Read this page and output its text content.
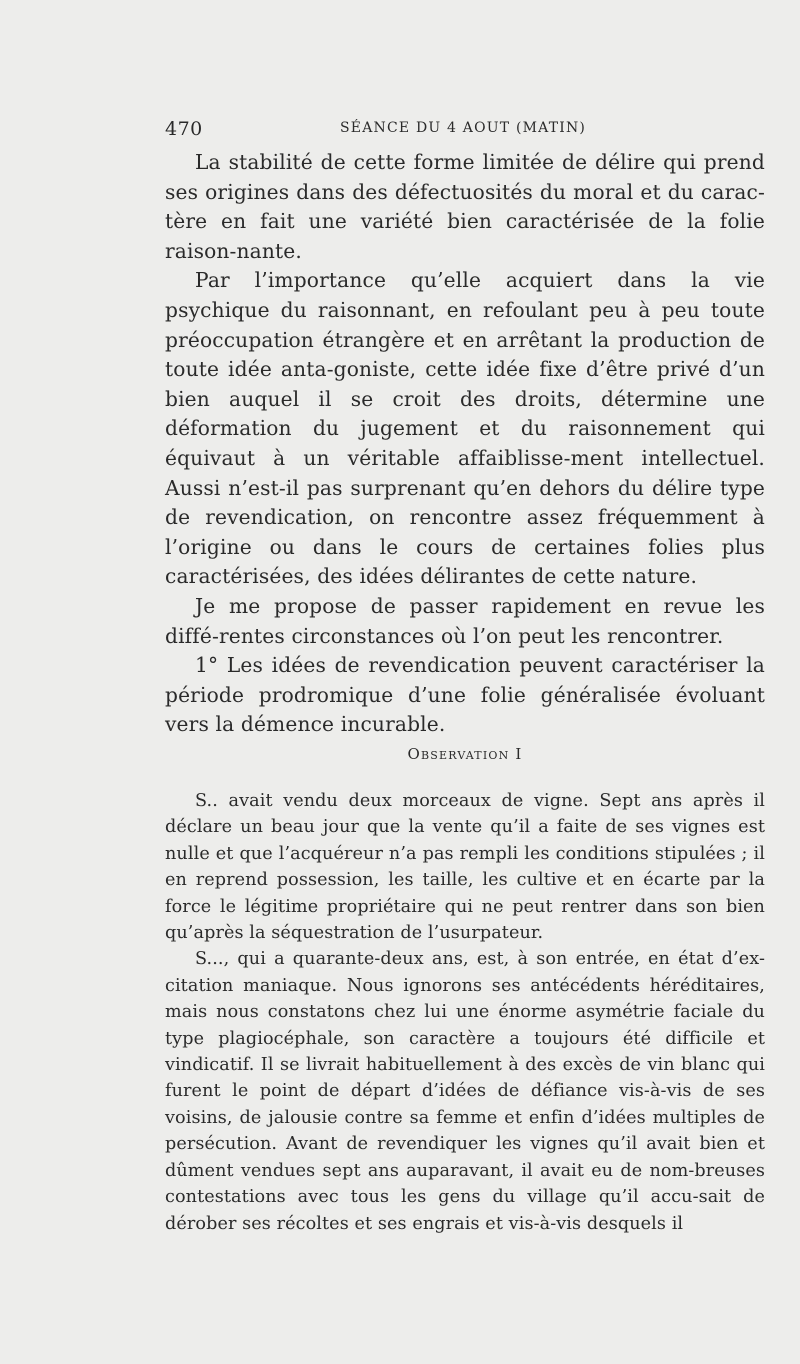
470	SÉANCE DU 4 AOUT (MATIN)

La stabilité de cette forme limitée de délire qui prend ses origines dans des défectuosités du moral et du carac-tère en fait une variété bien caractérisée de la folie raison-nante.

Par l’importance qu’elle acquiert dans la vie psychique du raisonnant, en refoulant peu à peu toute préoccupation étrangère et en arrêtant la production de toute idée anta-goniste, cette idée fixe d’être privé d’un bien auquel il se croit des droits, détermine une déformation du jugement et du raisonnement qui équivaut à un véritable affaiblisse-ment intellectuel. Aussi n’est-il pas surprenant qu’en dehors du délire type de revendication, on rencontre assez fréquemment à l’origine ou dans le cours de certaines folies plus caractérisées, des idées délirantes de cette nature.

Je me propose de passer rapidement en revue les diffé-rentes circonstances où l’on peut les rencontrer.

1° Les idées de revendication peuvent caractériser la période prodromique d’une folie généralisée évoluant vers la démence incurable.

Observation I

S.. avait vendu deux morceaux de vigne. Sept ans après il déclare un beau jour que la vente qu’il a faite de ses vignes est nulle et que l’acquéreur n’a pas rempli les conditions stipulées ; il en reprend possession, les taille, les cultive et en écarte par la force le légitime propriétaire qui ne peut rentrer dans son bien qu’après la séquestration de l’usurpateur.

S..., qui a quarante-deux ans, est, à son entrée, en état d’ex-citation maniaque. Nous ignorons ses antécédents héréditaires, mais nous constatons chez lui une énorme asymétrie faciale du type plagiocéphale, son caractère a toujours été difficile et vindicatif. Il se livrait habituellement à des excès de vin blanc qui furent le point de départ d’idées de défiance vis-à-vis de ses voisins, de jalousie contre sa femme et enfin d’idées multiples de persécution. Avant de revendiquer les vignes qu’il avait bien et dûment vendues sept ans auparavant, il avait eu de nom-breuses contestations avec tous les gens du village qu’il accu-sait de dérober ses récoltes et ses engrais et vis-à-vis desquels il
